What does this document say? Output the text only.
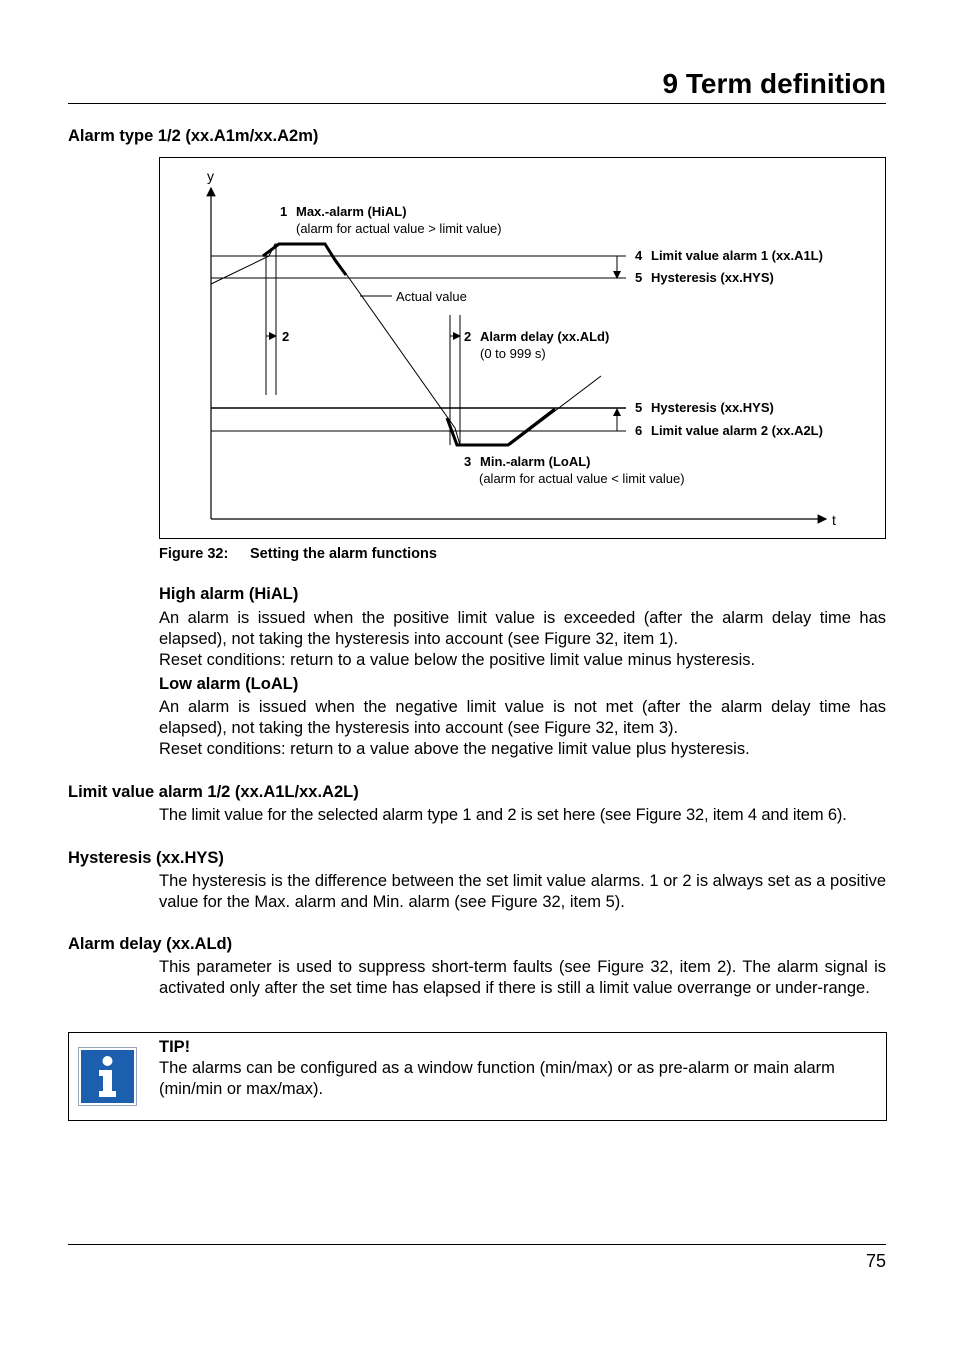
9 Term definition
Alarm type 1/2 (xx.A1m/xx.A2m)
y
t
1 Max.-alarm (HiAL)
(alarm for actual value > limit value)
4 Limit value alarm 1 (xx.A1L)
5 Hysteresis (xx.HYS)
Actual value
2	2 Alarm delay (xx.ALd)
(0 to 999 s)
5 Hysteresis (xx.HYS)
6 Limit value alarm 2 (xx.A2L)
3 Min.-alarm (LoAL)
(alarm for actual value < limit value)
Figure 32: Setting the alarm functions
High alarm (HiAL)
An alarm is issued when the positive limit value is exceeded (after the alarm delay time has elapsed), not taking the hysteresis into account (see Figure 32, item 1).
Reset conditions: return to a value below the positive limit value minus hysteresis.
Low alarm (LoAL)
An alarm is issued when the negative limit value is not met (after the alarm delay time has elapsed), not taking the hysteresis into account (see Figure 32, item 3).
Reset conditions: return to a value above the negative limit value plus hysteresis.
Limit value alarm 1/2 (xx.A1L/xx.A2L)
The limit value for the selected alarm type 1 and 2 is set here (see Figure 32, item 4 and item 6).
Hysteresis (xx.HYS)
The hysteresis is the difference between the set limit value alarms. 1 or 2 is always set as a positive value for the Max. alarm and Min. alarm (see Figure 32, item 5).
Alarm delay (xx.ALd)
This parameter is used to suppress short-term faults (see Figure 32, item 2). The alarm signal is activated only after the set time has elapsed if there is still a limit value overrange or under-range.
TIP!
The alarms can be configured as a window function (min/max) or as pre-alarm or main alarm (min/min or max/max).
75
